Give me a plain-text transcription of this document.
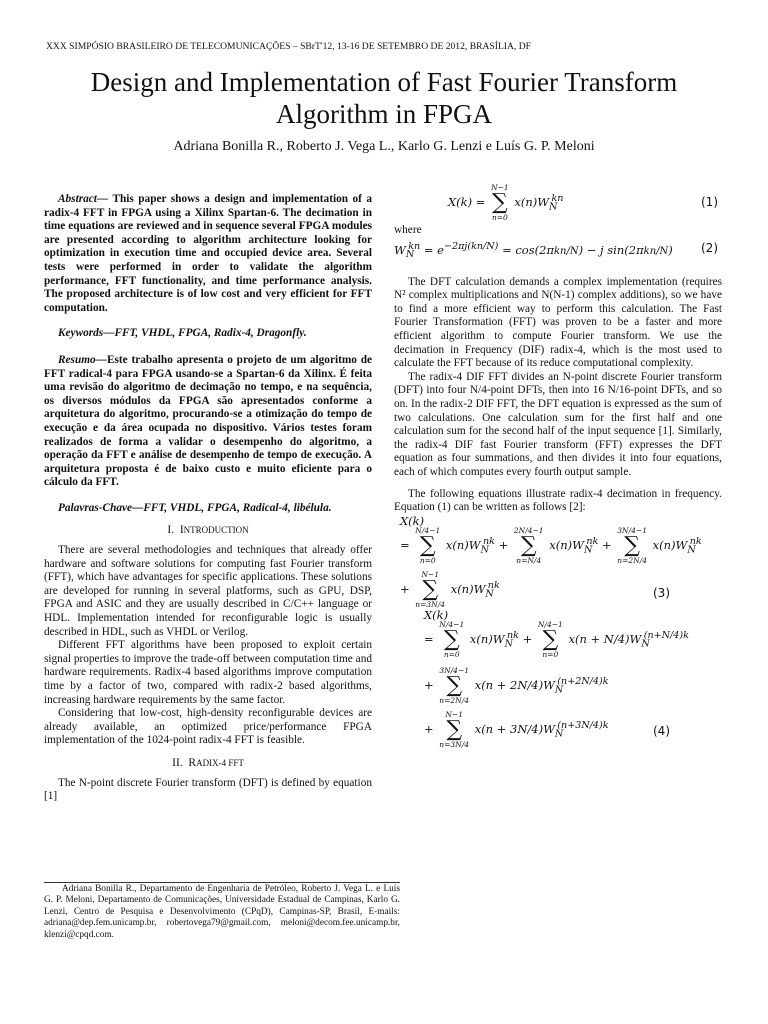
XXX SIMPÓSIO BRASILEIRO DE TELECOMUNICAÇÕES – SBrT'12, 13-16 DE SETEMBRO DE 2012, BRASÍLIA, DF
Design and Implementation of Fast Fourier Transform Algorithm in FPGA
Adriana Bonilla R., Roberto J. Vega L., Karlo G. Lenzi e Luís G. P. Meloni

Abstract— This paper shows a design and implementation of a radix-4 FFT in FPGA using a Xilinx Spartan-6. The decimation in time equations are reviewed and in sequence several FPGA modules are presented according to algorithm architecture looking for optimization in execution time and occupied device area. Several tests were performed in order to validate the algorithm performance, FFT functionality, and time performance analysis. The proposed architecture is of low cost and very efficient for FFT computation.

Keywords—FFT, VHDL, FPGA, Radix-4, Dragonfly.

Resumo—Este trabalho apresenta o projeto de um algoritmo de FFT radical-4 para FPGA usando-se a Spartan-6 da Xilinx. É feita uma revisão do algoritmo de decimação no tempo, e na sequência, os diversos módulos da FPGA são apresentados conforme a arquitetura do algoritmo, procurando-se a otimização do tempo de execução e da área ocupada no dispositivo. Vários testes foram realizados de forma a validar o desempenho do algoritmo, a operação da FFT e análise de desempenho de tempo de execução. A arquitetura proposta é de baixo custo e muito eficiente para o cálculo da FFT.

Palavras-Chave—FFT, VHDL, FPGA, Radical-4, libélula.

I. INTRODUCTION

There are several methodologies and techniques that already offer hardware and software solutions for computing fast Fourier transform (FFT), which have advantages for specific applications. These solutions are developed for running in several platforms, such as GPU, DSP, FPGA and ASIC and they are usually described in C/C++ language or HDL. Implementation intended for reconfigurable logic is usually described in HDL, such as VHDL or Verilog.

Different FFT algorithms have been proposed to exploit certain signal properties to improve the trade-off between computation time and hardware requirements. Radix-4 based algorithms improve computation time by a factor of two, compared with radix-2 based algorithms, increasing hardware requirements by the same factor.

Considering that low-cost, high-density reconfigurable devices are already available, an optimized price/performance FPGA implementation of the 1024-point radix-4 FFT is feasible.

II. RADIX-4 FFT

The N-point discrete Fourier transform (DFT) is defined by equation [1]

X(k) =
N−1
∑
n=0
$x(n)W_N^{kn}$	(1)

where

$W_N^{kn} = e^{-2\pi j(kn/N)} = \cos(2\pi kn/N) - j$ sin(2πkn/N) (2)

The DFT calculation demands a complex implementation (requires N² complex multiplications and N(N-1) complex additions), so we have to find a more efficient way to perform this calculation. The Fast Fourier Transformation (FFT) was proven to be a faster and more efficient algorithm to compute Fourier transform. We use the decimation in Frequency (DIF) radix-4, which is the most used to calculate the FFT because of its reduce computational complexity.

The radix-4 DIF FFT divides an N-point discrete Fourier transform (DFT) into four N/4-point DFTs, then into 16 N/16-point DFTs, and so on. In the radix-2 DIF FFT, the DFT equation is expressed as the sum of two calculations. One calculation sum for the first half and one calculation sum for the second half of the input sequence [1]. Similarly, the radix-4 DIF fast Fourier transform (FFT) expresses the DFT equation as four summations, and then divides it into four equations, each of which computes every fourth output sample.

The following equations illustrate radix-4 decimation in frequency. Equation (1) can be written as follows [2]:

X(k)
=
N/4−1
∑
n=0
$x(n)W_N^{nk}$ +
2N/4−1
∑
n=N/4
$x(n)W_N^{nk}$ +
3N/4−1
∑
n=2N/4
$x(n)W_N^{nk}$
+
N−1
∑
n=3N/4
$x(n)W_N^{nk}$
(3)
X(k)
=
N/4−1
∑
n=0
$x(n)W_N^{nk}$ +
N/4−1
∑
n=0
$x(n + N/4)W_N^{(n+N/4)k}$
+
3N/4−1
∑
n=2N/4
$x(n + 2N/4)W_N^{(n+2N/4)k}$
+
N−1
∑
n=3N/4
$x(n + 3N/4)W_N^{(n+3N/4)k}$	(4)

Adriana Bonilla R., Departamento de Engenharia de Petróleo, Roberto J. Vega L. e Luís G. P. Meloni, Departamento de Comunicações, Universidade Estadual de Campinas, Karlo G. Lenzi, Centro de Pesquisa e Desenvolvimento (CPqD), Campinas-SP, Brasil, E-mails: adriana@dep.fem.unicamp.br, robertovega79@gmail.com, meloni@decom.fee.unicamp.br, klenzi@cpqd.com.
